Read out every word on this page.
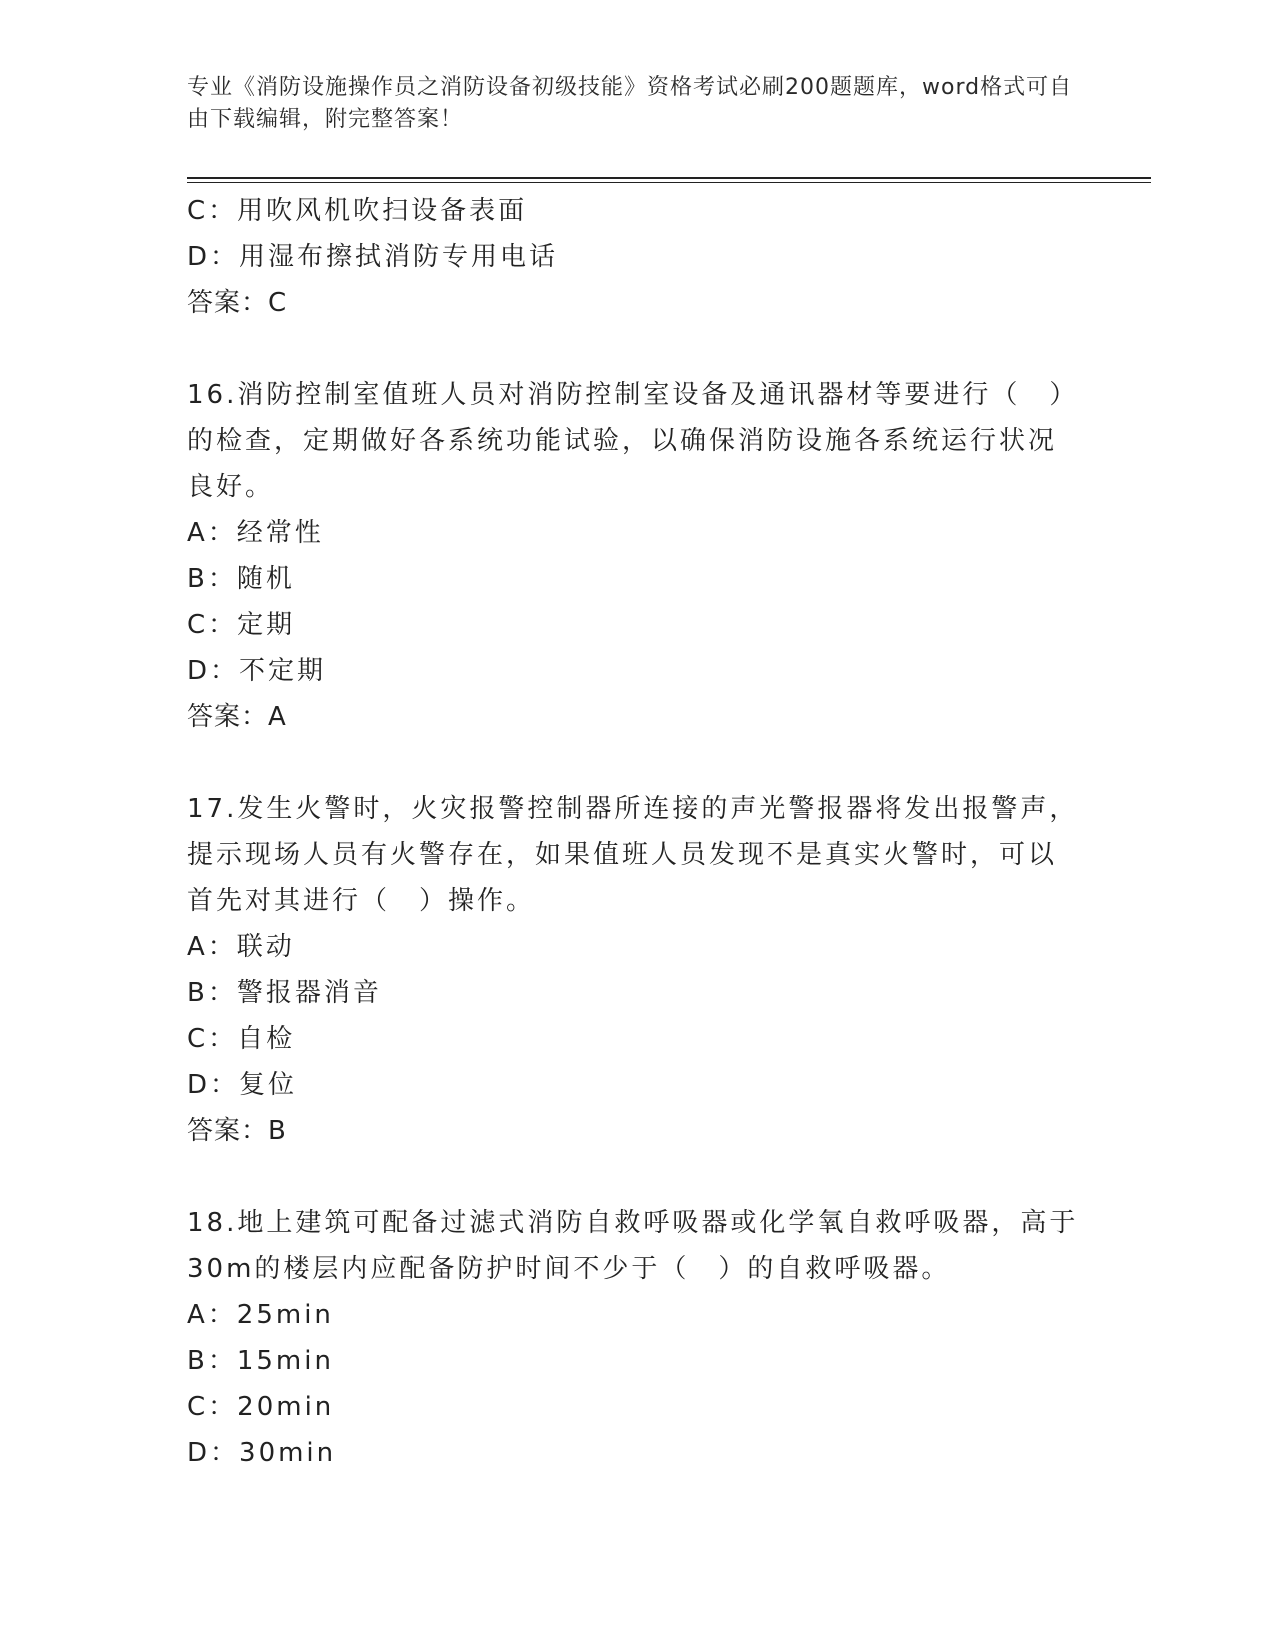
专业《消防设施操作员之消防设备初级技能》资格考试必刷200题题库，word格式可自由下载编辑，附完整答案！
C：用吹风机吹扫设备表面
D：用湿布擦拭消防专用电话
答案：C
16.消防控制室值班人员对消防控制室设备及通讯器材等要进行（　）
的检查，定期做好各系统功能试验，以确保消防设施各系统运行状况
良好。
A：经常性
B：随机
C：定期
D：不定期
答案：A
17.发生火警时，火灾报警控制器所连接的声光警报器将发出报警声，
提示现场人员有火警存在，如果值班人员发现不是真实火警时，可以
首先对其进行（　）操作。
A：联动
B：警报器消音
C：自检
D：复位
答案：B
18.地上建筑可配备过滤式消防自救呼吸器或化学氧自救呼吸器，高于
30m的楼层内应配备防护时间不少于（　）的自救呼吸器。
A：25min
B：15min
C：20min
D：30min
